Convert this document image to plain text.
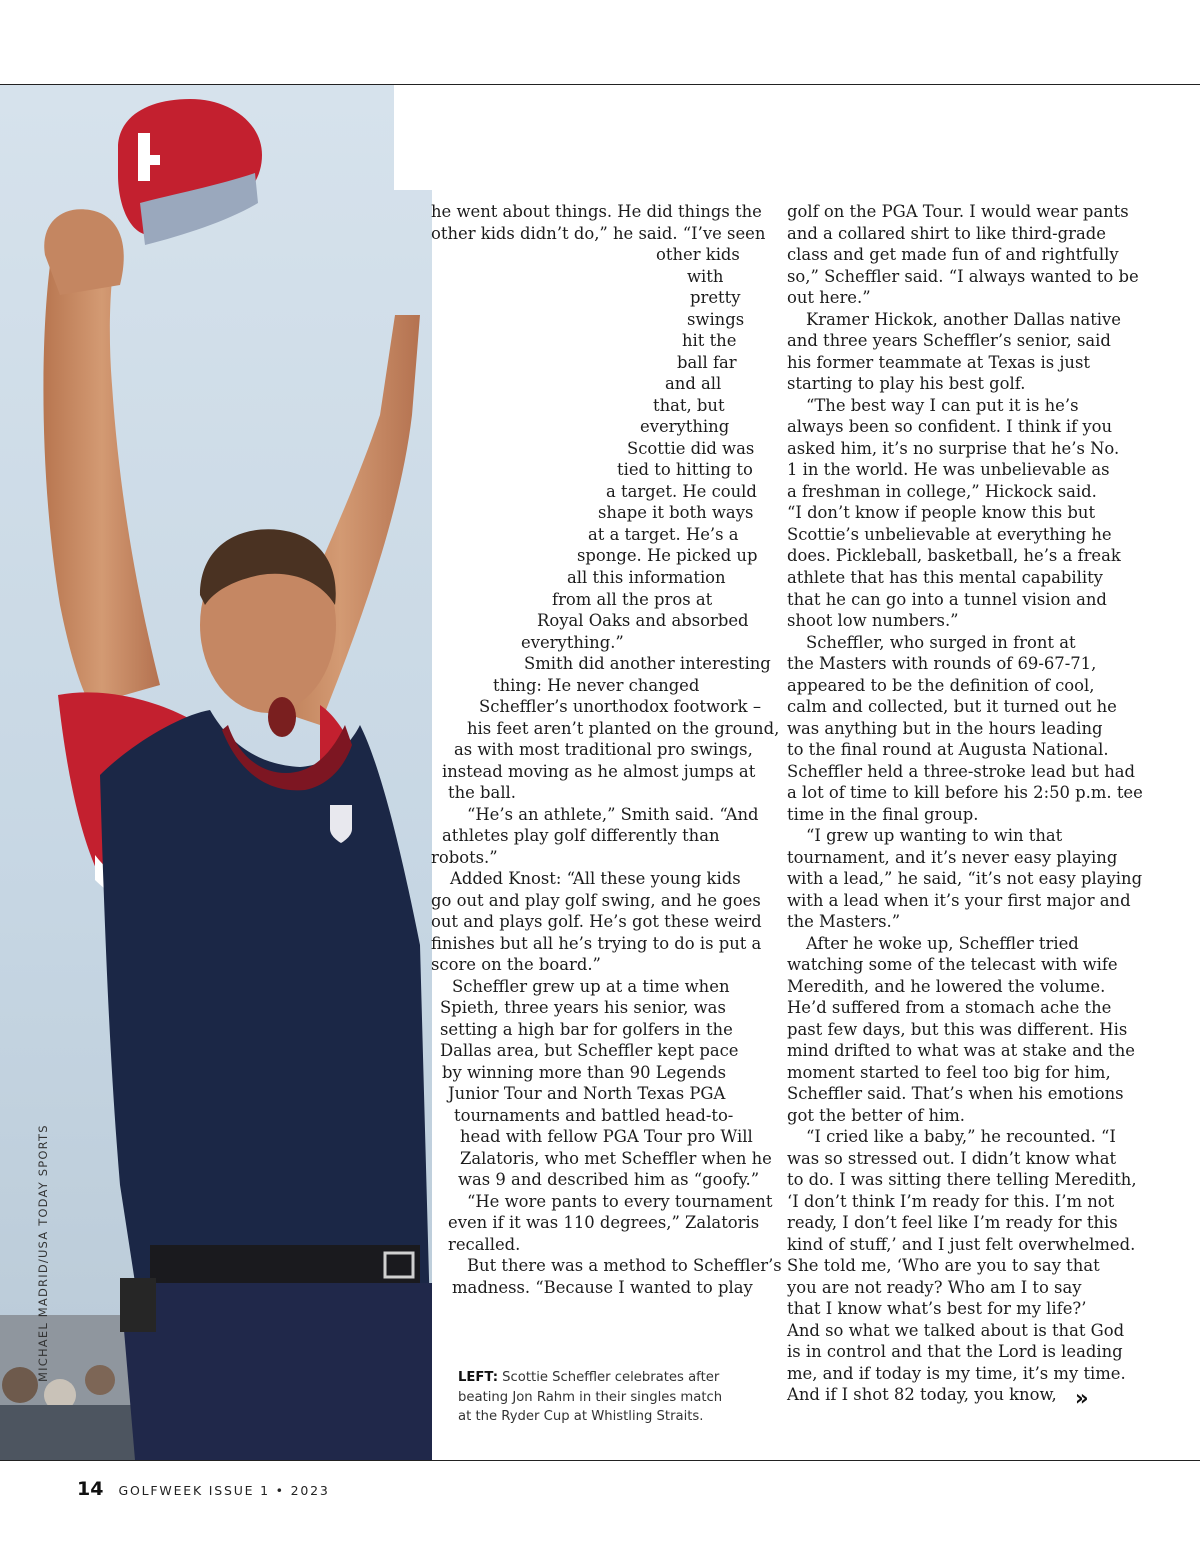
MICHAEL MADRID/USA TODAY SPORTS
he went about things. He did things the
other kids didn’t do,” he said. “I’ve seen
other kids
with
pretty
swings
hit the
ball far
and all
that, but
everything
Scottie did was
tied to hitting to
a target. He could
shape it both ways
at a target. He’s a
sponge. He picked up
all this information
from all the pros at
Royal Oaks and absorbed
everything.”
Smith did another interesting
thing: He never changed
Scheffler’s unorthodox footwork –
his feet aren’t planted on the ground,
as with most traditional pro swings,
instead moving as he almost jumps at
the ball.
“He’s an athlete,” Smith said. “And
athletes play golf differently than
robots.”
Added Knost: “All these young kids
go out and play golf swing, and he goes
out and plays golf. He’s got these weird
finishes but all he’s trying to do is put a
score on the board.”
Scheffler grew up at a time when
Spieth, three years his senior, was
setting a high bar for golfers in the
Dallas area, but Scheffler kept pace
by winning more than 90 Legends
Junior Tour and North Texas PGA
tournaments and battled head-to-
head with fellow PGA Tour pro Will
Zalatoris, who met Scheffler when he
was 9 and described him as “goofy.”
“He wore pants to every tournament
even if it was 110 degrees,” Zalatoris
recalled.
But there was a method to Scheffler’s
madness. “Because I wanted to play
golf on the PGA Tour. I would wear pants
and a collared shirt to like third-grade
class and get made fun of and rightfully
so,” Scheffler said. “I always wanted to be
out here.”
Kramer Hickok, another Dallas native
and three years Scheffler’s senior, said
his former teammate at Texas is just
starting to play his best golf.
“The best way I can put it is he’s
always been so confident. I think if you
asked him, it’s no surprise that he’s No.
1 in the world. He was unbelievable as
a freshman in college,” Hickock said.
“I don’t know if people know this but
Scottie’s unbelievable at everything he
does. Pickleball, basketball, he’s a freak
athlete that has this mental capability
that he can go into a tunnel vision and
shoot low numbers.”
Scheffler, who surged in front at
the Masters with rounds of 69-67-71,
appeared to be the definition of cool,
calm and collected, but it turned out he
was anything but in the hours leading
to the final round at Augusta National.
Scheffler held a three-stroke lead but had
a lot of time to kill before his 2:50 p.m. tee
time in the final group.
“I grew up wanting to win that
tournament, and it’s never easy playing
with a lead,” he said, “it’s not easy playing
with a lead when it’s your first major and
the Masters.”
After he woke up, Scheffler tried
watching some of the telecast with wife
Meredith, and he lowered the volume.
He’d suffered from a stomach ache the
past few days, but this was different. His
mind drifted to what was at stake and the
moment started to feel too big for him,
Scheffler said. That’s when his emotions
got the better of him.
“I cried like a baby,” he recounted. “I
was so stressed out. I didn’t know what
to do. I was sitting there telling Meredith,
‘I don’t think I’m ready for this. I’m not
ready, I don’t feel like I’m ready for this
kind of stuff,’ and I just felt overwhelmed.
She told me, ‘Who are you to say that
you are not ready? Who am I to say
that I know what’s best for my life?’
And so what we talked about is that God
is in control and that the Lord is leading
me, and if today is my time, it’s my time.
And if I shot 82 today, you know, »
LEFT: Scottie Scheffler celebrates after
beating Jon Rahm in their singles match
at the Ryder Cup at Whistling Straits.
14 GOLFWEEK ISSUE 1 • 2023
